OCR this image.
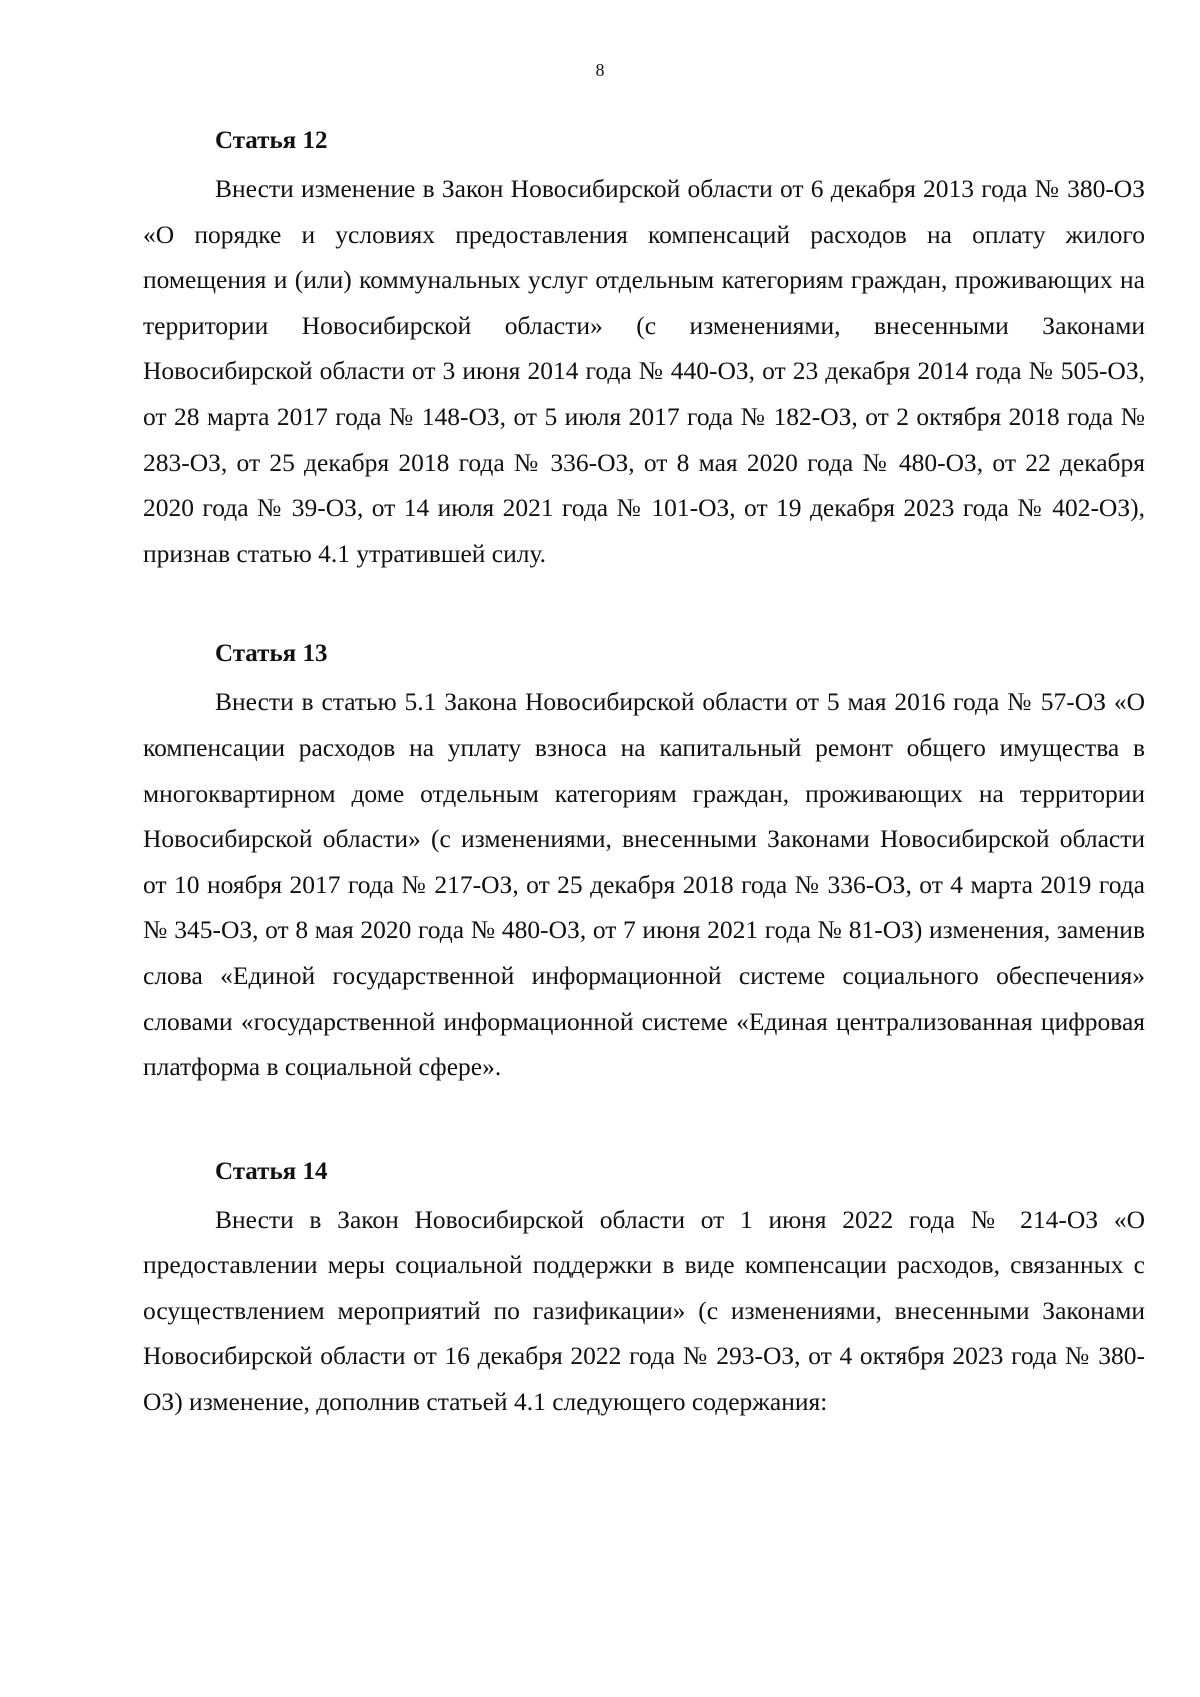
8

Статья 12

Внести изменение в Закон Новосибирской области от 6 декабря 2013 года № 380-ОЗ «О порядке и условиях предоставления компенсаций расходов на оплату жилого помещения и (или) коммунальных услуг отдельным категориям граждан, проживающих на территории Новосибирской области» (с изменениями, внесенными Законами Новосибирской области от 3 июня 2014 года № 440-ОЗ, от 23 декабря 2014 года № 505-ОЗ, от 28 марта 2017 года № 148-ОЗ, от 5 июля 2017 года № 182-ОЗ, от 2 октября 2018 года № 283-ОЗ, от 25 декабря 2018 года № 336-ОЗ, от 8 мая 2020 года № 480-ОЗ, от 22 декабря 2020 года № 39-ОЗ, от 14 июля 2021 года № 101-ОЗ, от 19 декабря 2023 года № 402-ОЗ), признав статью 4.1 утратившей силу.

Статья 13

Внести в статью 5.1 Закона Новосибирской области от 5 мая 2016 года № 57-ОЗ «О компенсации расходов на уплату взноса на капитальный ремонт общего имущества в многоквартирном доме отдельным категориям граждан, проживающих на территории Новосибирской области» (с изменениями, внесенными Законами Новосибирской области от 10 ноября 2017 года № 217-ОЗ, от 25 декабря 2018 года № 336-ОЗ, от 4 марта 2019 года № 345-ОЗ, от 8 мая 2020 года № 480-ОЗ, от 7 июня 2021 года № 81-ОЗ) изменения, заменив слова «Единой государственной информационной системе социального обеспечения» словами «государственной информационной системе «Единая централизованная цифровая платформа в социальной сфере».

Статья 14

Внести в Закон Новосибирской области от 1 июня 2022 года № 214-ОЗ «О предоставлении меры социальной поддержки в виде компенсации расходов, связанных с осуществлением мероприятий по газификации» (с изменениями, внесенными Законами Новосибирской области от 16 декабря 2022 года № 293-ОЗ, от 4 октября 2023 года № 380-ОЗ) изменение, дополнив статьей 4.1 следующего содержания:
